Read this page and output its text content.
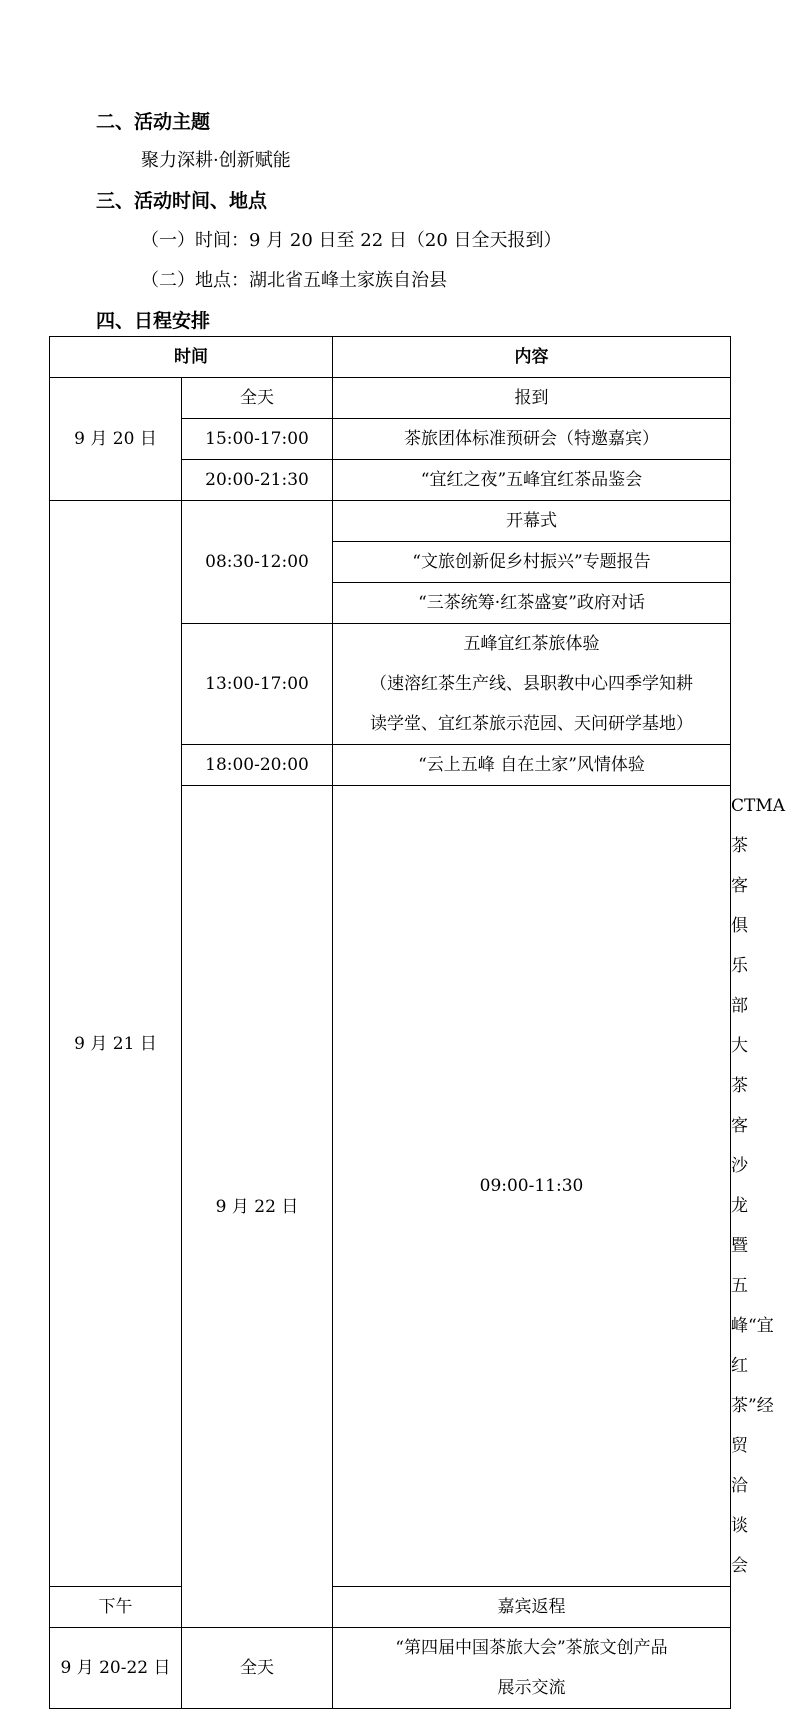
二、活动主题
聚力深耕·创新赋能
三、活动时间、地点
（一）时间：9 月 20 日至 22 日（20 日全天报到）
（二）地点：湖北省五峰土家族自治县
四、日程安排
时间		内容	
9 月 20 日	全天	报到	
	15:00-17:00	茶旅团体标准预研会（特邀嘉宾）	
	20:00-21:30	“宜红之夜”五峰宜红茶品鉴会	
9 月 21 日	08:30-12:00	开幕式	
		“文旅创新促乡村振兴”专题报告	
		“三茶统筹·红茶盛宴”政府对话	
	13:00-17:00	五峰宜红茶旅体验
（速溶红茶生产线、县职教中心四季学知耕
读学堂、宜红茶旅示范园、天问研学基地）	

	18:00-20:00	“云上五峰 自在土家”风情体验	
	9 月 22 日	09:00-11:30	CTMA 茶客俱乐部大茶客沙龙
暨五峰“宜红茶”经贸洽谈会

下午		嘉宾返程	
9 月 20-22 日	全天	“第四届中国茶旅大会”茶旅文创产品
展示交流	
